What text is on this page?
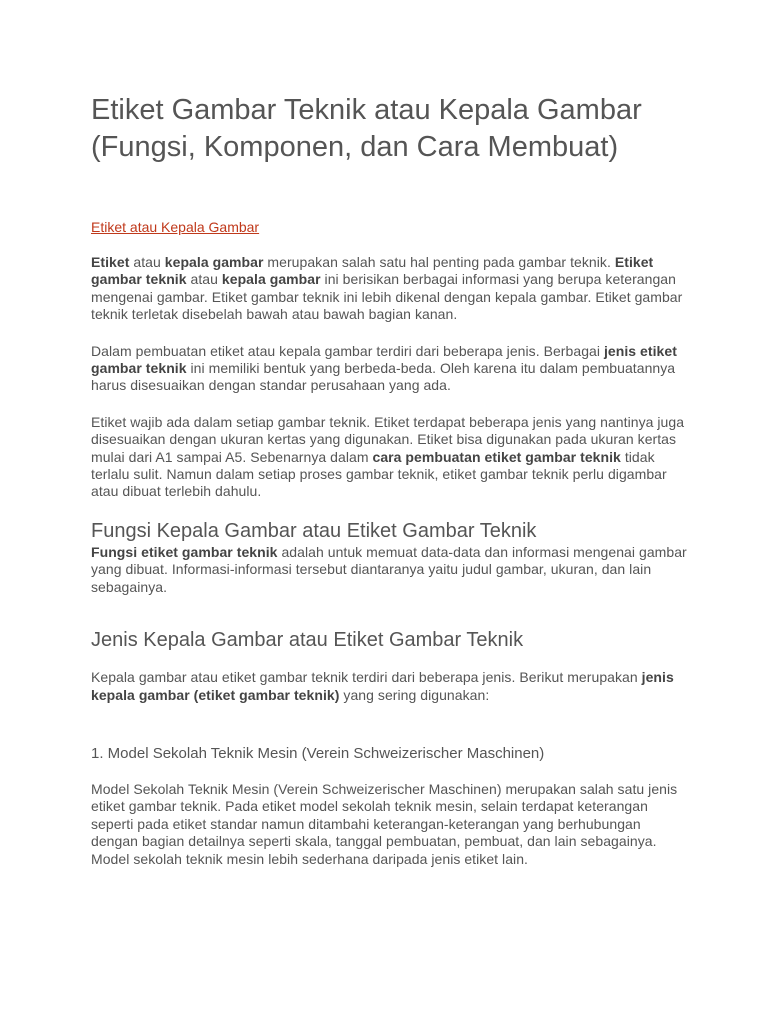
Etiket Gambar Teknik atau Kepala Gambar (Fungsi, Komponen, dan Cara Membuat)
Etiket atau Kepala Gambar

Etiket atau kepala gambar merupakan salah satu hal penting pada gambar teknik. Etiket gambar teknik atau kepala gambar ini berisikan berbagai informasi yang berupa keterangan mengenai gambar. Etiket gambar teknik ini lebih dikenal dengan kepala gambar. Etiket gambar teknik terletak disebelah bawah atau bawah bagian kanan.

Dalam pembuatan etiket atau kepala gambar terdiri dari beberapa jenis. Berbagai jenis etiket gambar teknik ini memiliki bentuk yang berbeda-beda. Oleh karena itu dalam pembuatannya harus disesuaikan dengan standar perusahaan yang ada.

Etiket wajib ada dalam setiap gambar teknik. Etiket terdapat beberapa jenis yang nantinya juga disesuaikan dengan ukuran kertas yang digunakan. Etiket bisa digunakan pada ukuran kertas mulai dari A1 sampai A5. Sebenarnya dalam cara pembuatan etiket gambar teknik tidak terlalu sulit. Namun dalam setiap proses gambar teknik, etiket gambar teknik perlu digambar atau dibuat terlebih dahulu.

Fungsi Kepala Gambar atau Etiket Gambar Teknik

Fungsi etiket gambar teknik adalah untuk memuat data-data dan informasi mengenai gambar yang dibuat. Informasi-informasi tersebut diantaranya yaitu judul gambar, ukuran, dan lain sebagainya.

Jenis Kepala Gambar atau Etiket Gambar Teknik

Kepala gambar atau etiket gambar teknik terdiri dari beberapa jenis. Berikut merupakan jenis kepala gambar (etiket gambar teknik) yang sering digunakan:

1. Model Sekolah Teknik Mesin (Verein Schweizerischer Maschinen)

Model Sekolah Teknik Mesin (Verein Schweizerischer Maschinen) merupakan salah satu jenis etiket gambar teknik. Pada etiket model sekolah teknik mesin, selain terdapat keterangan seperti pada etiket standar namun ditambahi keterangan-keterangan yang berhubungan dengan bagian detailnya seperti skala, tanggal pembuatan, pembuat, dan lain sebagainya. Model sekolah teknik mesin lebih sederhana daripada jenis etiket lain.
